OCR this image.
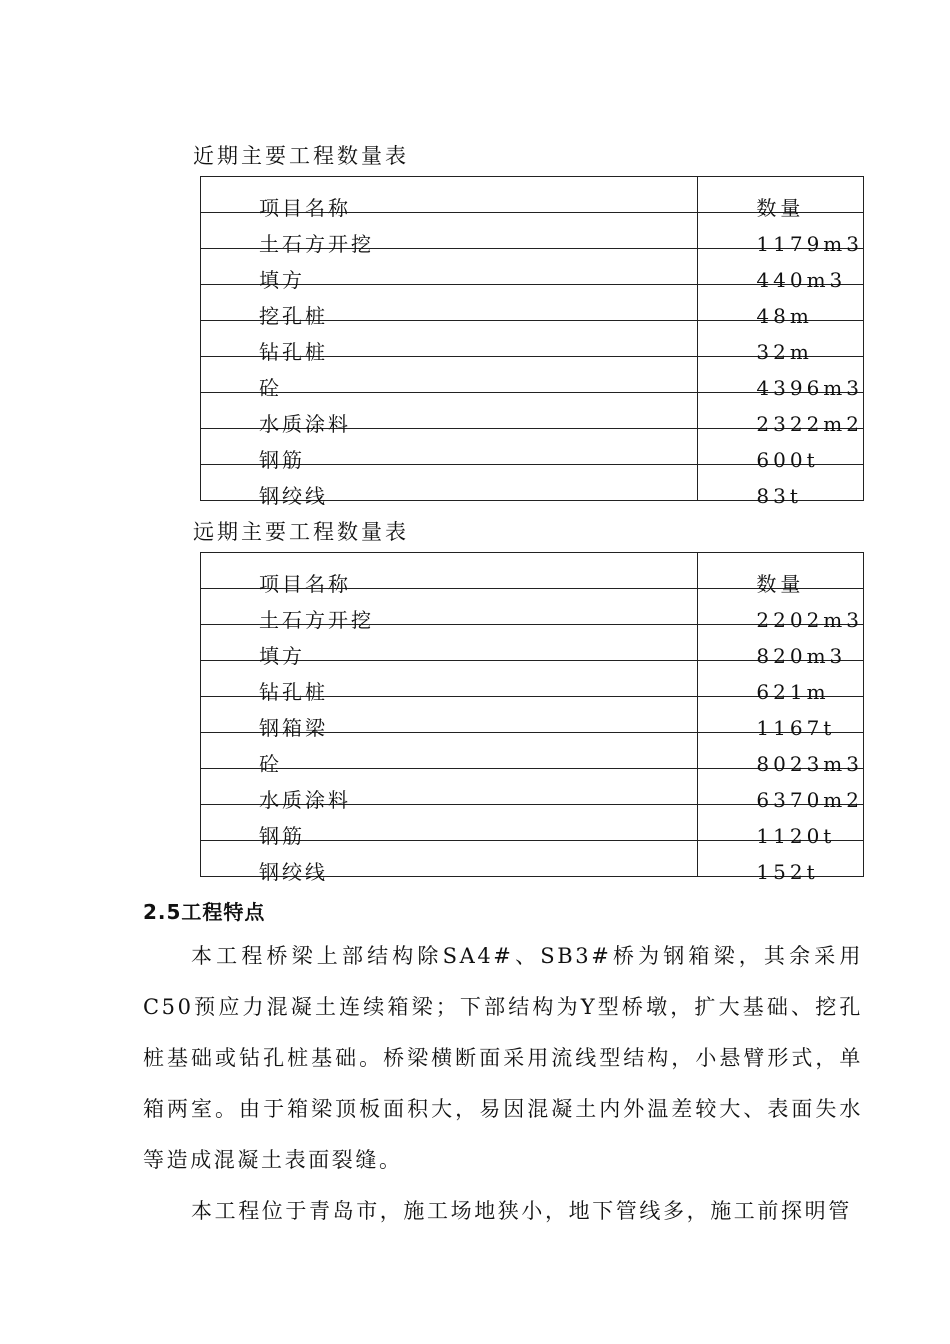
近期主要工程数量表
项目名称	数量
土石方开挖	1179m3
填方	440m3
挖孔桩	48m
钻孔桩	32m
砼	4396m3
水质涂料	2322m2
钢筋	600t
钢绞线	83t
远期主要工程数量表
项目名称	数量
土石方开挖	2202m3
填方	820m3
钻孔桩	621m
钢箱梁	1167t
砼	8023m3
水质涂料	6370m2
钢筋	1120t
钢绞线	152t
2.5工程特点

本工程桥梁上部结构除SA4#、SB3#桥为钢箱梁，其余采用C50预应力混凝土连续箱梁；下部结构为Y型桥墩，扩大基础、挖孔桩基础或钻孔桩基础。桥梁横断面采用流线型结构，小悬臂形式，单箱两室。由于箱梁顶板面积大，易因混凝土内外温差较大、表面失水等造成混凝土表面裂缝。

本工程位于青岛市，施工场地狭小，地下管线多，施工前探明管
